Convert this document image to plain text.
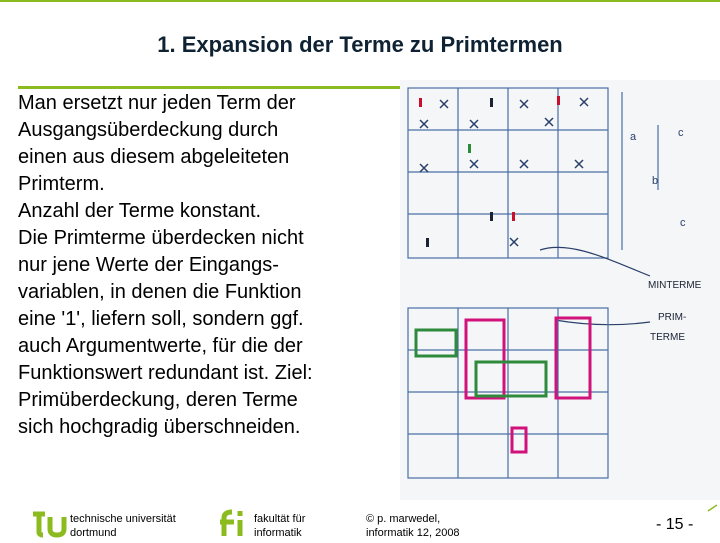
1. Expansion der Terme zu Primtermen
Man ersetzt nur jeden Term der
Ausgangsüberdeckung durch
einen aus diesem abgeleiteten
Primterm.
Anzahl der Terme konstant.
Die Primterme überdecken nicht
nur jene Werte der Eingangs-
variablen, in denen die Funktion
eine '1', liefern soll, sondern ggf.
auch Argumentwerte, für die der
Funktionswert redundant ist. Ziel:
Primüberdeckung, deren Terme
sich hochgradig überschneiden.
a
b
c
c
MINTERME
PRIM-
TERME
technische universität
dortmund
fakultät für
informatik
© p. marwedel,
informatik 12, 2008	- 15 -
